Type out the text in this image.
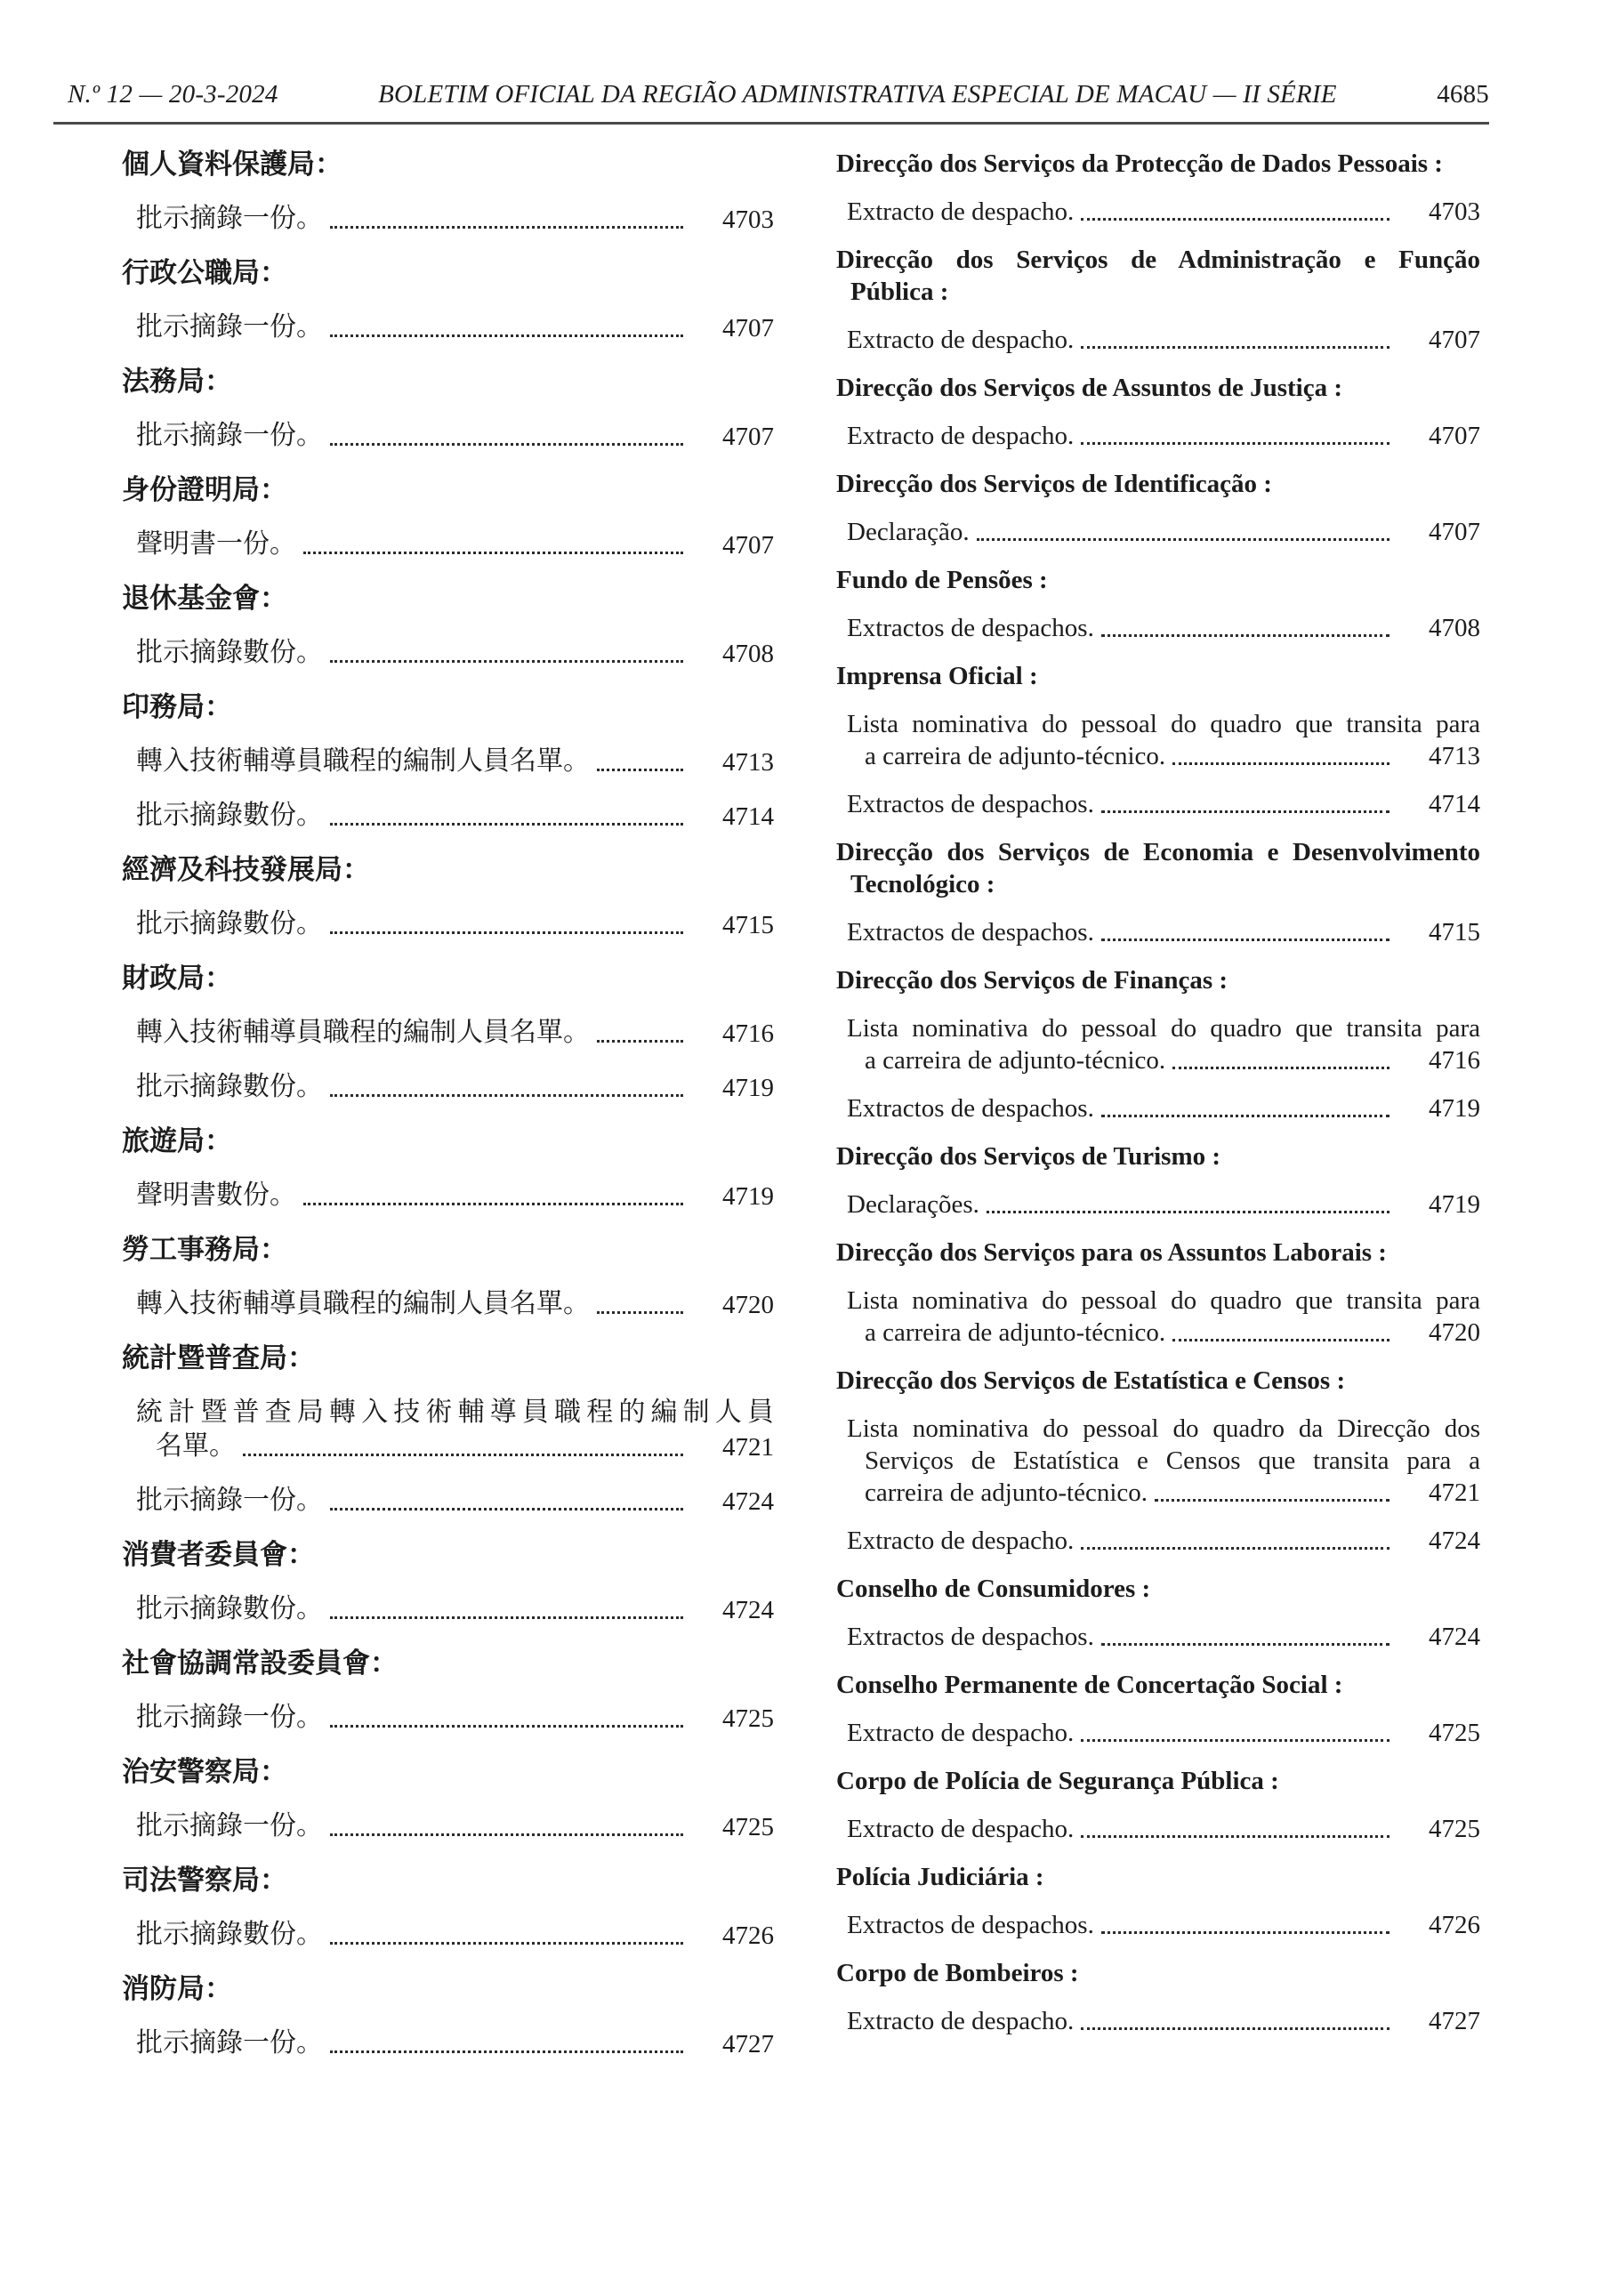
N.º 12 — 20-3-2024	BOLETIM OFICIAL DA REGIÃO ADMINISTRATIVA ESPECIAL DE MACAU — II SÉRIE	4685
個人資料保護局：
批示摘錄一份。	4703
行政公職局：
批示摘錄一份。	4707
法務局：
批示摘錄一份。	4707
身份證明局：
聲明書一份。	4707
退休基金會：
批示摘錄數份。	4708
印務局：
轉入技術輔導員職程的編制人員名單。	4713
批示摘錄數份。	4714
經濟及科技發展局：
批示摘錄數份。	4715
財政局：
轉入技術輔導員職程的編制人員名單。	4716
批示摘錄數份。	4719
旅遊局：
聲明書數份。	4719
勞工事務局：
轉入技術輔導員職程的編制人員名單。	4720
統計暨普查局：
統計暨普查局轉入技術輔導員職程的編制人員
名單。	4721
批示摘錄一份。	4724
消費者委員會：
批示摘錄數份。	4724
社會協調常設委員會：
批示摘錄一份。	4725
治安警察局：
批示摘錄一份。	4725
司法警察局：
批示摘錄數份。	4726
消防局：
批示摘錄一份。	4727
Direcção dos Serviços da Protecção de Dados Pessoais :
Extracto de despacho.	4703
Direcção dos Serviços de Administração e Função
Pública :
Extracto de despacho.	4707
Direcção dos Serviços de Assuntos de Justiça :
Extracto de despacho.	4707
Direcção dos Serviços de Identificação :
Declaração.	4707
Fundo de Pensões :
Extractos de despachos.	4708
Imprensa Oficial :
Lista nominativa do pessoal do quadro que transita para
a carreira de adjunto-técnico.	4713
Extractos de despachos.	4714
Direcção dos Serviços de Economia e Desenvolvimento
Tecnológico :
Extractos de despachos.	4715
Direcção dos Serviços de Finanças :
Lista nominativa do pessoal do quadro que transita para
a carreira de adjunto-técnico.	4716
Extractos de despachos.	4719
Direcção dos Serviços de Turismo :
Declarações.	4719
Direcção dos Serviços para os Assuntos Laborais :
Lista nominativa do pessoal do quadro que transita para
a carreira de adjunto-técnico.	4720
Direcção dos Serviços de Estatística e Censos :
Lista nominativa do pessoal do quadro da Direcção dos
Serviços de Estatística e Censos que transita para a
carreira de adjunto-técnico.	4721
Extracto de despacho.	4724
Conselho de Consumidores :
Extractos de despachos.	4724
Conselho Permanente de Concertação Social :
Extracto de despacho.	4725
Corpo de Polícia de Segurança Pública :
Extracto de despacho.	4725
Polícia Judiciária :
Extractos de despachos.	4726
Corpo de Bombeiros :
Extracto de despacho.	4727
